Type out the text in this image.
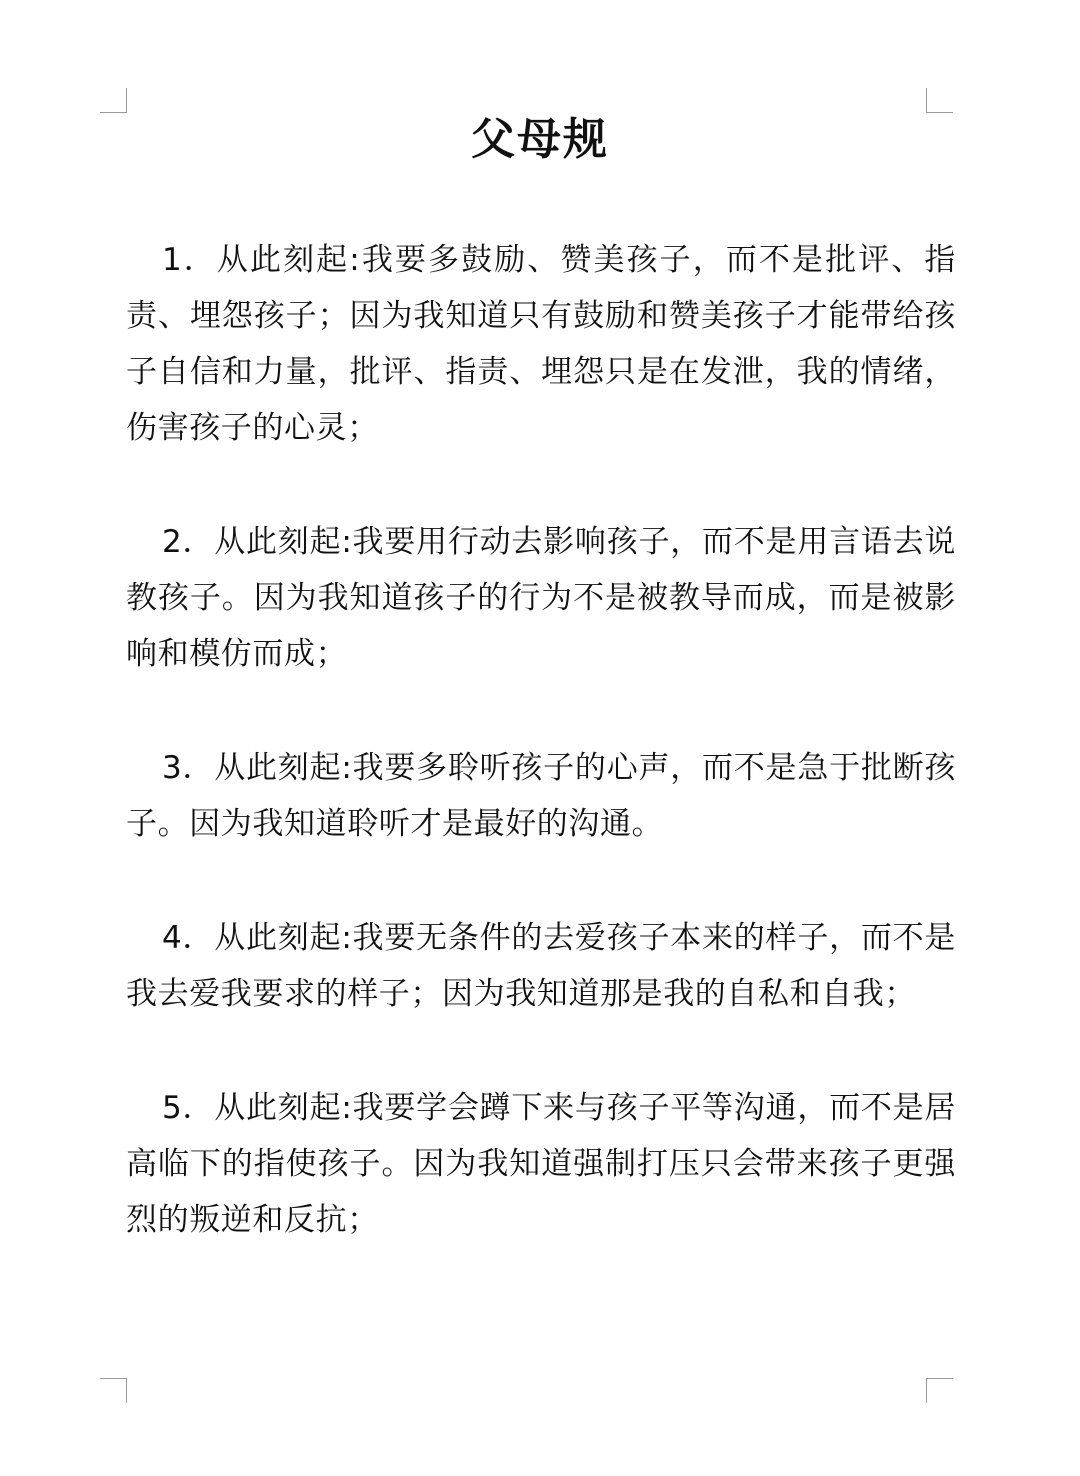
父母规

1．从此刻起:我要多鼓励、赞美孩子，而不是批评、指责、埋怨孩子；因为我知道只有鼓励和赞美孩子才能带给孩子自信和力量，批评、指责、埋怨只是在发泄，我的情绪，伤害孩子的心灵；

2．从此刻起:我要用行动去影响孩子，而不是用言语去说教孩子。因为我知道孩子的行为不是被教导而成，而是被影响和模仿而成；

3．从此刻起:我要多聆听孩子的心声，而不是急于批断孩子。因为我知道聆听才是最好的沟通。

4．从此刻起:我要无条件的去爱孩子本来的样子，而不是我去爱我要求的样子；因为我知道那是我的自私和自我；

5．从此刻起:我要学会蹲下来与孩子平等沟通，而不是居高临下的指使孩子。因为我知道强制打压只会带来孩子更强烈的叛逆和反抗；
